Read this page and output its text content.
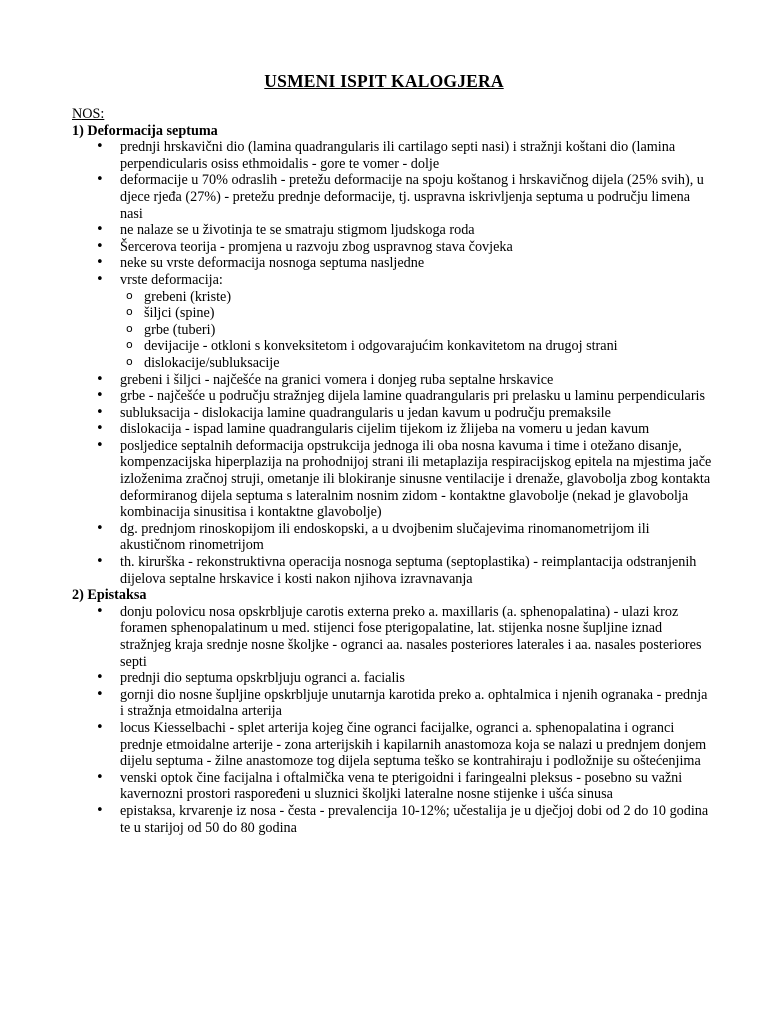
USMENI ISPIT KALOGJERA
NOS:
1) Deformacija septuma
• prednji hrskavični dio (lamina quadrangularis ili cartilago septi nasi) i stražnji koštani dio (lamina perpendicularis osiss ethmoidalis - gore te vomer - dolje
• deformacije u 70% odraslih - pretežu deformacije na spoju koštanog i hrskavičnog dijela (25% svih), u djece rjeđa (27%) - pretežu prednje deformacije, tj. uspravna iskrivljenja septuma u području limena nasi
• ne nalaze se u životinja te se smatraju stigmom ljudskoga roda
• Šercerova teorija - promjena u razvoju zbog uspravnog stava čovjeka
• neke su vrste deformacija nosnoga septuma nasljedne
• vrste deformacija:
o grebeni (kriste)
o šiljci (spine)
o grbe (tuberi)
o devijacije - otkloni s konveksitetom i odgovarajućim konkavitetom na drugoj strani
o dislokacije/subluksacije
• grebeni i šiljci - najčešće na granici vomera i donjeg ruba septalne hrskavice
• grbe - najčešće u području stražnjeg dijela lamine quadrangularis pri prelasku u laminu perpendicularis
• subluksacija - dislokacija lamine quadrangularis u jedan kavum u području premaksile
• dislokacija - ispad lamine quadrangularis cijelim tijekom iz žlijeba na vomeru u jedan kavum
• posljedice septalnih deformacija opstrukcija jednoga ili oba nosna kavuma i time i otežano disanje, kompenzacijska hiperplazija na prohodnijoj strani ili metaplazija respiracijskog epitela na mjestima jače izloženima zračnoj struji, ometanje ili blokiranje sinusne ventilacije i drenaže, glavobolja zbog kontakta deformiranog dijela septuma s lateralnim nosnim zidom - kontaktne glavobolje (nekad je glavobolja kombinacija sinusitisa i kontaktne glavobolje)
• dg. prednjom rinoskopijom ili endoskopski, a u dvojbenim slučajevima rinomanometrijom ili akustičnom rinometrijom
• th. kirurška - rekonstruktivna operacija nosnoga septuma (septoplastika) - reimplantacija odstranjenih dijelova septalne hrskavice i kosti nakon njihova izravnavanja
2) Epistaksa
• donju polovicu nosa opskrbljuje carotis externa preko a. maxillaris (a. sphenopalatina) - ulazi kroz foramen sphenopalatinum u med. stijenci fose pterigopalatine, lat. stijenka nosne šupljine iznad stražnjeg kraja srednje nosne školjke - ogranci aa. nasales posteriores laterales i aa. nasales posteriores septi
• prednji dio septuma opskrbljuju ogranci a. facialis
• gornji dio nosne šupljine opskrbljuje unutarnja karotida preko a. ophtalmica i njenih ogranaka - prednja i stražnja etmoidalna arterija
• locus Kiesselbachi - splet arterija kojeg čine ogranci facijalke, ogranci a. sphenopalatina i ogranci prednje etmoidalne arterije - zona arterijskih i kapilarnih anastomoza koja se nalazi u prednjem donjem dijelu septuma - žilne anastomoze tog dijela septuma teško se kontrahiraju i podložnije su oštećenjima
• venski optok čine facijalna i oftalmička vena te pterigoidni i faringealni pleksus - posebno su važni kavernozni prostori raspoređeni u sluznici školjki lateralne nosne stijenke i ušća sinusa
• epistaksa, krvarenje iz nosa - česta - prevalencija 10-12%; učestalija je u dječjoj dobi od 2 do 10 godina te u starijoj od 50 do 80 godina
